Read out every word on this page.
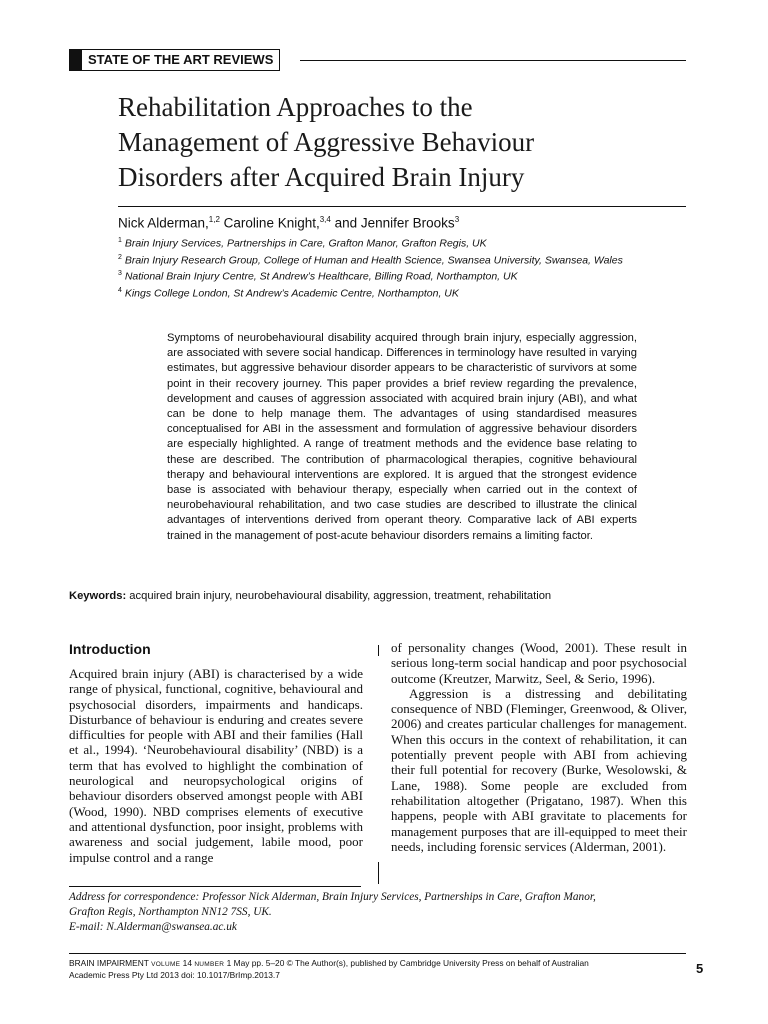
STATE OF THE ART REVIEWS
Rehabilitation Approaches to the
Management of Aggressive Behaviour
Disorders after Acquired Brain Injury
Nick Alderman,$^{1,2}$ Caroline Knight,$^{3,4}$ and Jennifer Brooks$^3$
$^1$ Brain Injury Services, Partnerships in Care, Grafton Manor, Grafton Regis, UK
$^2$ Brain Injury Research Group, College of Human and Health Science, Swansea University, Swansea, Wales
$^3$ National Brain Injury Centre, St Andrew’s Healthcare, Billing Road, Northampton, UK
$^4$ Kings College London, St Andrew’s Academic Centre, Northampton, UK

Symptoms of neurobehavioural disability acquired through brain injury, especially aggression, are associated with severe social handicap. Differences in terminology have resulted in varying estimates, but aggressive behaviour disorder appears to be characteristic of survivors at some point in their recovery journey. This paper provides a brief review regarding the prevalence, development and causes of aggression associated with acquired brain injury (ABI), and what can be done to help manage them. The advantages of using standardised measures conceptualised for ABI in the assessment and formulation of aggressive behaviour disorders are especially highlighted. A range of treatment methods and the evidence base relating to these are described. The contribution of pharmacological therapies, cognitive behavioural therapy and behavioural interventions are explored. It is argued that the strongest evidence base is associated with behaviour therapy, especially when carried out in the context of neurobehavioural rehabilitation, and two case studies are described to illustrate the clinical advantages of interventions derived from operant theory. Comparative lack of ABI experts trained in the management of post-acute behaviour disorders remains a limiting factor.

Keywords: acquired brain injury, neurobehavioural disability, aggression, treatment, rehabilitation
Introduction

Acquired brain injury (ABI) is characterised by a wide range of physical, functional, cognitive, behavioural and psychosocial disorders, impairments and handicaps. Disturbance of behaviour is enduring and creates severe difficulties for people with ABI and their families (Hall et al., 1994). ‘Neurobehavioural disability’ (NBD) is a term that has evolved to highlight the combination of neurological and neuropsychological origins of behaviour disorders observed amongst people with ABI (Wood, 1990). NBD comprises elements of executive and attentional dysfunction, poor insight, problems with awareness and social judgement, labile mood, poor impulse control and a range

of personality changes (Wood, 2001). These result in serious long-term social handicap and poor psychosocial outcome (Kreutzer, Marwitz, Seel, & Serio, 1996).

Aggression is a distressing and debilitating consequence of NBD (Fleminger, Greenwood, & Oliver, 2006) and creates particular challenges for management. When this occurs in the context of rehabilitation, it can potentially prevent people with ABI from achieving their full potential for recovery (Burke, Wesolowski, & Lane, 1988). Some people are excluded from rehabilitation altogether (Prigatano, 1987). When this happens, people with ABI gravitate to placements for management purposes that are ill-equipped to meet their needs, including forensic services (Alderman, 2001).

Address for correspondence: Professor Nick Alderman, Brain Injury Services, Partnerships in Care, Grafton Manor,
Grafton Regis, Northampton NN12 7SS, UK.
E-mail: N.Alderman@swansea.ac.uk
BRAIN IMPAIRMENT VOLUME 14 NUMBER 1 May pp. 5–20 © The Author(s), published by Cambridge University Press on behalf of Australian
Academic Press Pty Ltd 2013 doi: 10.1017/BrImp.2013.7	5
